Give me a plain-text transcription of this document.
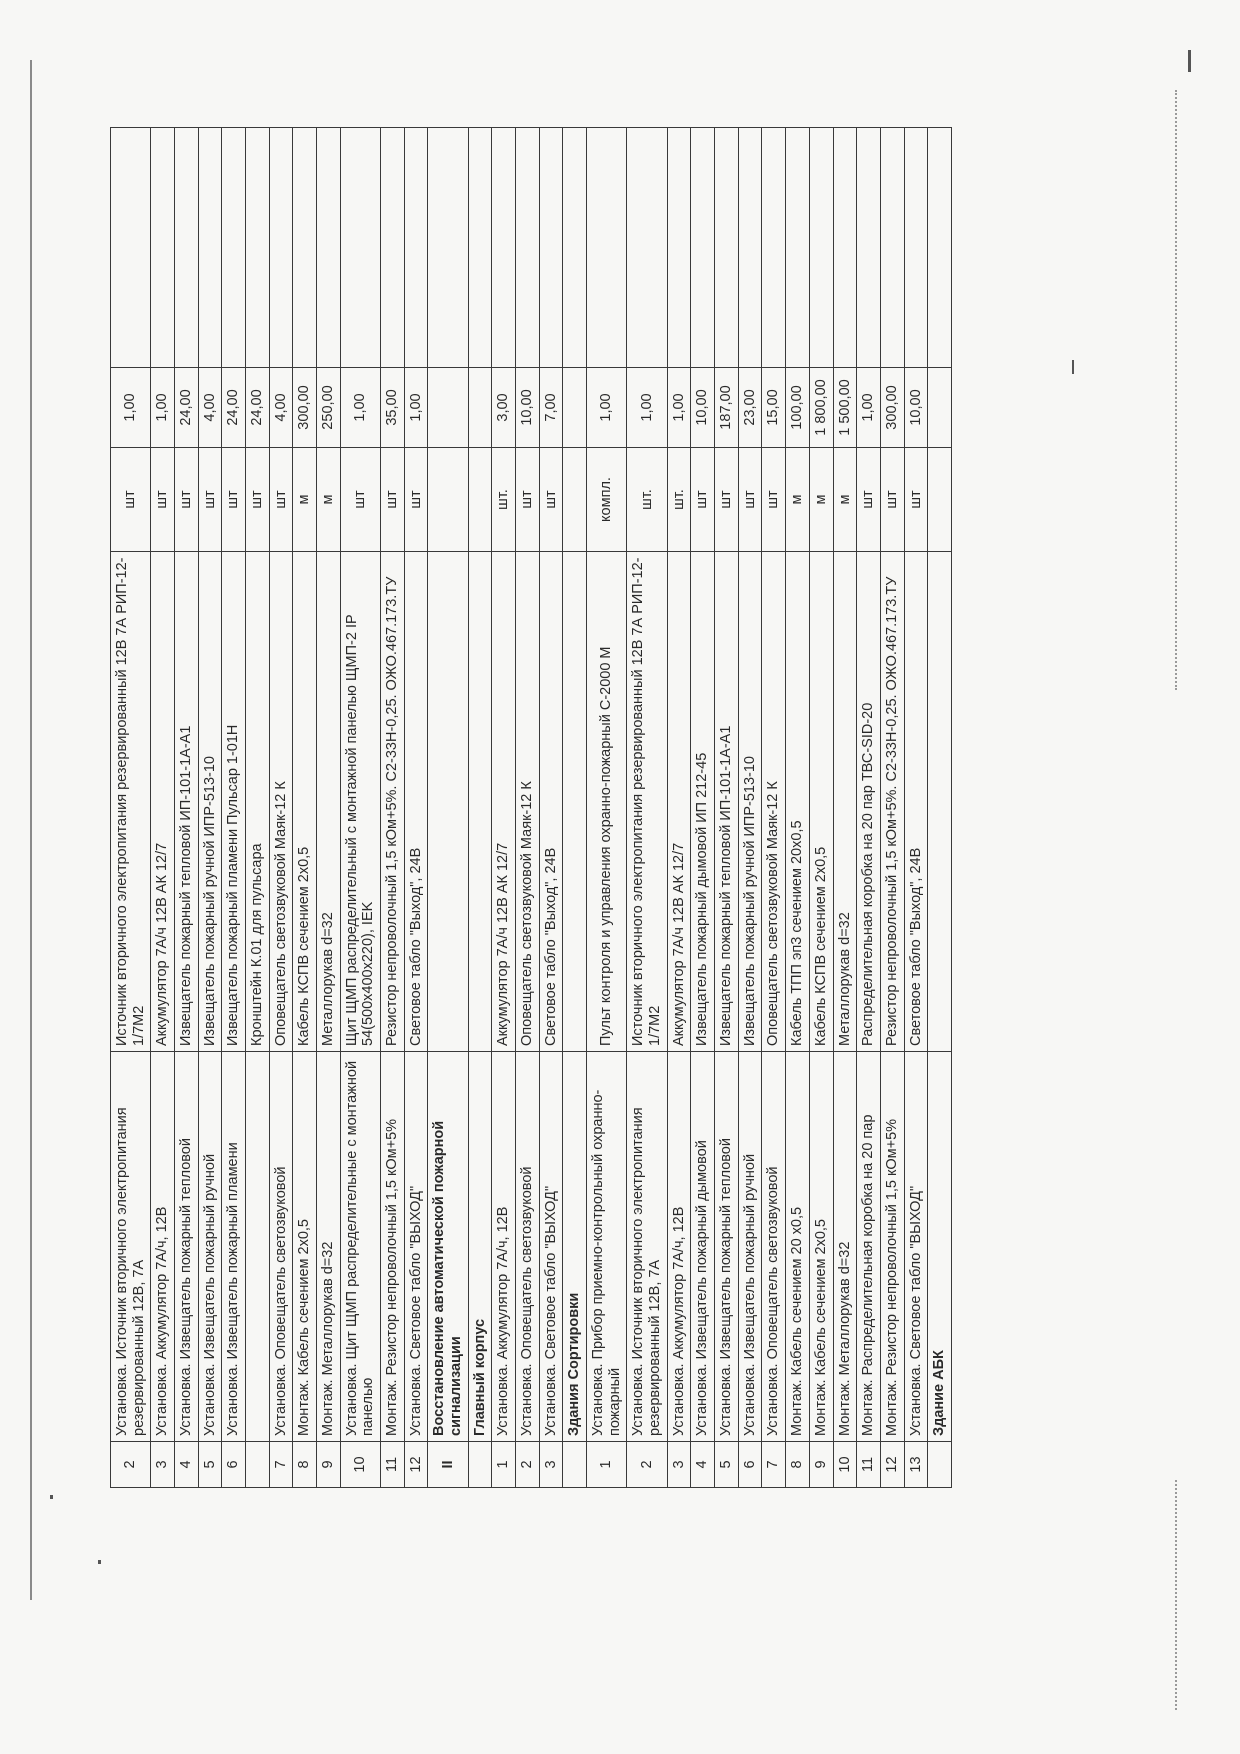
2	Установка. Источник вторичного электропитания резервированный 12В, 7А	Источник вторичного электропитания резервированный 12В 7А РИП-12-1/7М2	шт	1,00	
3	Установка. Аккумулятор 7А/ч, 12В	Аккумулятор 7А/ч 12В АК 12/7	шт	1,00	
4	Установка. Извещатель пожарный тепловой	Извещатель пожарный тепловой ИП-101-1А-А1	шт	24,00	
5	Установка. Извещатель пожарный ручной	Извещатель пожарный ручной ИПР-513-10	шт	4,00	
6	Установка. Извещатель пожарный пламени	Извещатель пожарный пламени Пульсар 1-01Н	шт	24,00	
		Кронштейн К.01 для пульсара	шт	24,00	
7	Установка. Оповещатель светозвуковой	Оповещатель светозвуковой Маяк-12 К	шт	4,00	
8	Монтаж. Кабель сечением 2х0,5	Кабель КСПВ сечением 2х0,5	м	300,00	
9	Монтаж. Металлорукав d=32	Металлорукав d=32	м	250,00	
10	Установка. Щит ЩМП распределительные с монтажной панелью	Щит ЩМП распределительный с монтажной панелью ЩМП-2 IP 54(500х400х220), IEK	шт	1,00	
11	Монтаж. Резистор непроволочный 1,5 кОм+5%	Резистор непроволочный 1,5 кОм+5%. С2-33Н-0,25. ОЖО.467.173.ТУ	шт	35,00	
12	Установка. Световое табло "ВЫХОД"	Световое табло "Выход", 24В	шт	1,00	
II	Восстановление автоматической пожарной сигнализации				
	Главный корпус				
1	Установка. Аккумулятор 7А/ч, 12В	Аккумулятор 7А/ч 12В АК 12/7	шт.	3,00	
2	Установка. Оповещатель светозвуковой	Оповещатель светозвуковой Маяк-12 К	шт	10,00	
3	Установка. Световое табло "ВЫХОД"	Световое табло "Выход", 24В	шт	7,00	
	Здания Сортировки				
1	Установка. Прибор приемно-контрольный охранно-пожарный	Пульт контроля и управления охранно-пожарный С-2000 М	компл.	1,00	
2	Установка. Источник вторичного электропитания резервированный 12В, 7А	Источник вторичного электропитания резервированный 12В 7А РИП-12-1/7М2	шт.	1,00	
3	Установка. Аккумулятор 7А/ч, 12В	Аккумулятор 7А/ч 12В АК 12/7	шт.	1,00	
4	Установка. Извещатель пожарный дымовой	Извещатель пожарный дымовой ИП 212-45	шт	10,00	
5	Установка. Извещатель пожарный тепловой	Извещатель пожарный тепловой ИП-101-1А-А1	шт	187,00	
6	Установка. Извещатель пожарный ручной	Извещатель пожарный ручной ИПР-513-10	шт	23,00	
7	Установка. Оповещатель светозвуковой	Оповещатель светозвуковой Маяк-12 К	шт	15,00	
8	Монтаж. Кабель сечением 20 х0,5	Кабель ТПП эп3 сечением 20х0,5	м	100,00	
9	Монтаж. Кабель сечением 2х0,5	Кабель КСПВ сечением 2х0,5	м	1 800,00	
10	Монтаж. Металлорукав d=32	Металлорукав d=32	м	1 500,00	
11	Монтаж. Распределительная коробка на 20 пар	Распределительная коробка на 20 пар ТВС-SID-20	шт	1,00	
12	Монтаж. Резистор непроволочный 1,5 кОм+5%	Резистор непроволочный 1,5 кОм+5%. С2-33Н-0,25. ОЖО.467.173.ТУ	шт	300,00	
13	Установка. Световое табло "ВЫХОД"	Световое табло "Выход", 24В	шт	10,00	
	Здание АБК				
